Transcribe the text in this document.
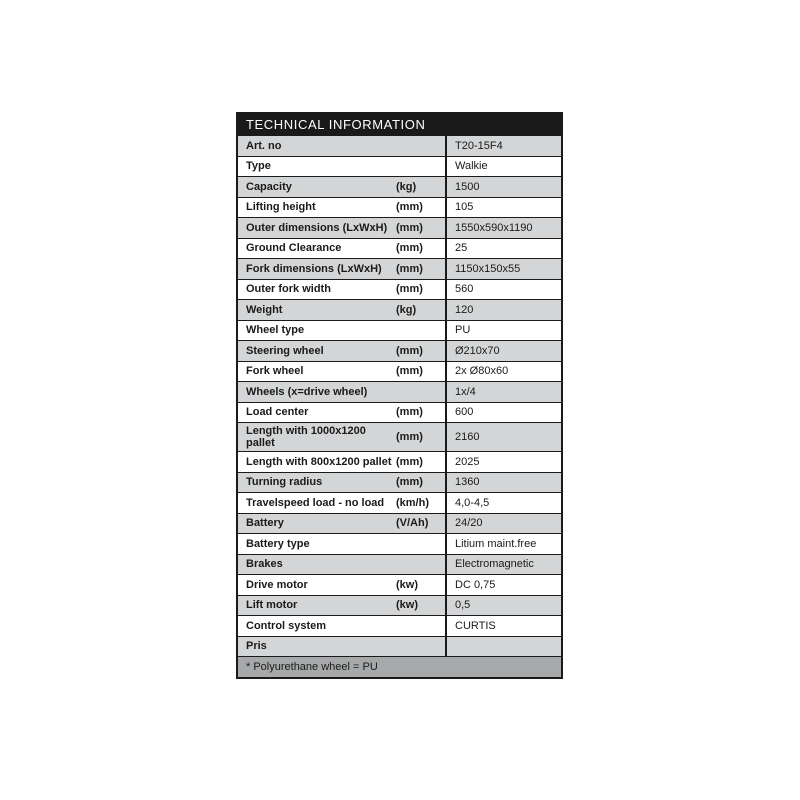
TECHNICAL INFORMATION
Art. no	T20-15F4
Type	Walkie
Capacity	(kg)	1500
Lifting height	(mm)	105
Outer dimensions (LxWxH) (mm)	1550x590x1190
Ground Clearance	(mm)	25
Fork dimensions (LxWxH)	(mm)	1150x150x55
Outer fork width	(mm)	560
Weight	(kg)	120
Wheel type	PU
Steering wheel	(mm)	Ø210x70
Fork wheel	(mm)	2x Ø80x60
Wheels (x=drive wheel)	1x/4
Load center	(mm)	600
Length with 1000x1200 pallet	(mm)	2160
Length with 800x1200 pallet (mm)	2025
Turning radius	(mm)	1360
Travelspeed load - no load	(km/h)	4,0-4,5
Battery	(V/Ah)	24/20
Battery type	Litium maint.free
Brakes	Electromagnetic
Drive motor	(kw)	DC 0,75
Lift motor	(kw)	0,5
Control system	CURTIS
Pris
* Polyurethane wheel = PU
